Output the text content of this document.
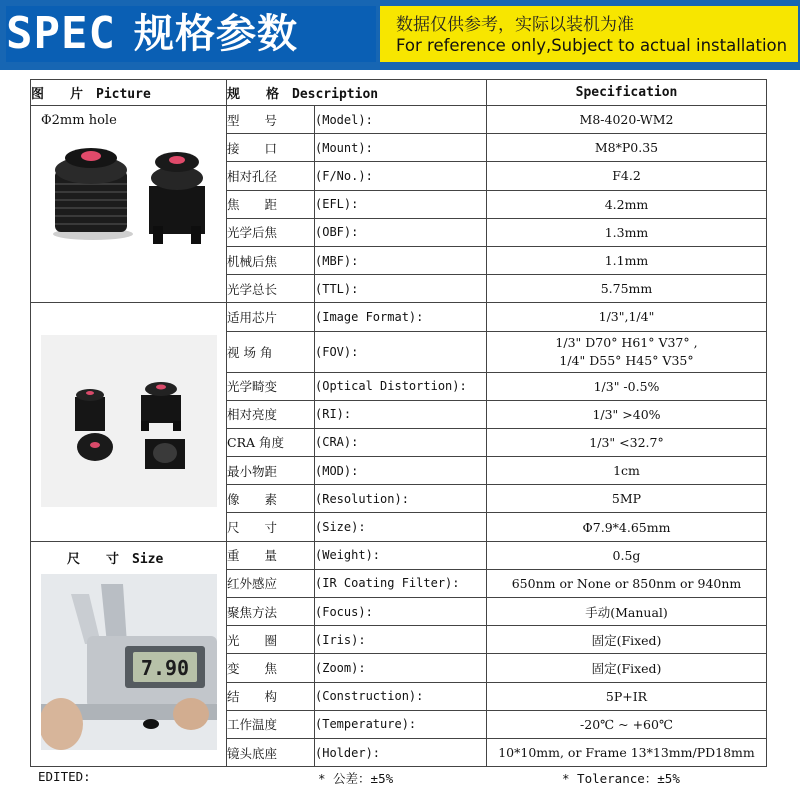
SPEC 规格参数	数据仅供参考，实际以装机为准
For reference only,Subject to actual installation
图　　片　Picture	规　　格　Description		Specification

Φ2mm hole	型　　号	(Model):	M8-4020-WM2
	接　　口	(Mount):	M8*P0.35
	相对孔径	(F/No.):	F4.2
	焦　　距	(EFL):	4.2mm
	光学后焦	(OBF):	1.3mm
	机械后焦	(MBF):	1.1mm
	光学总长	(TTL):	5.75mm

	适用芯片	(Image Format):	1/3",1/4"
	视 场 角	(FOV):	1/3" D70° H61° V37° ,
1/4" D55° H45° V35°

	光学畸变	(Optical Distortion):	1/3" -0.5%
	相对亮度	(RI):	1/3" >40%
	CRA 角度	(CRA):	1/3" <32.7°
	最小物距	(MOD):	1cm
	像　　素	(Resolution):	5MP
	尺　　寸	(Size):	Φ7.9*4.65mm

尺　　寸　Size
7.90	重　　量	(Weight):	0.5g
	红外感应	(IR Coating Filter):	650nm or None or 850nm or 940nm
	聚焦方法	(Focus):	手动(Manual)
	光　　圈	(Iris):	固定(Fixed)
	变　　焦	(Zoom):	固定(Fixed)
	结　　构	(Construction):	5P+IR
	工作温度	(Temperature):	-20℃ ~ +60℃
	镜头底座	(Holder):	10*10mm, or Frame 13*13mm/PD18mm
EDITED:	* 公差：±5%	* Tolerance：±5%
